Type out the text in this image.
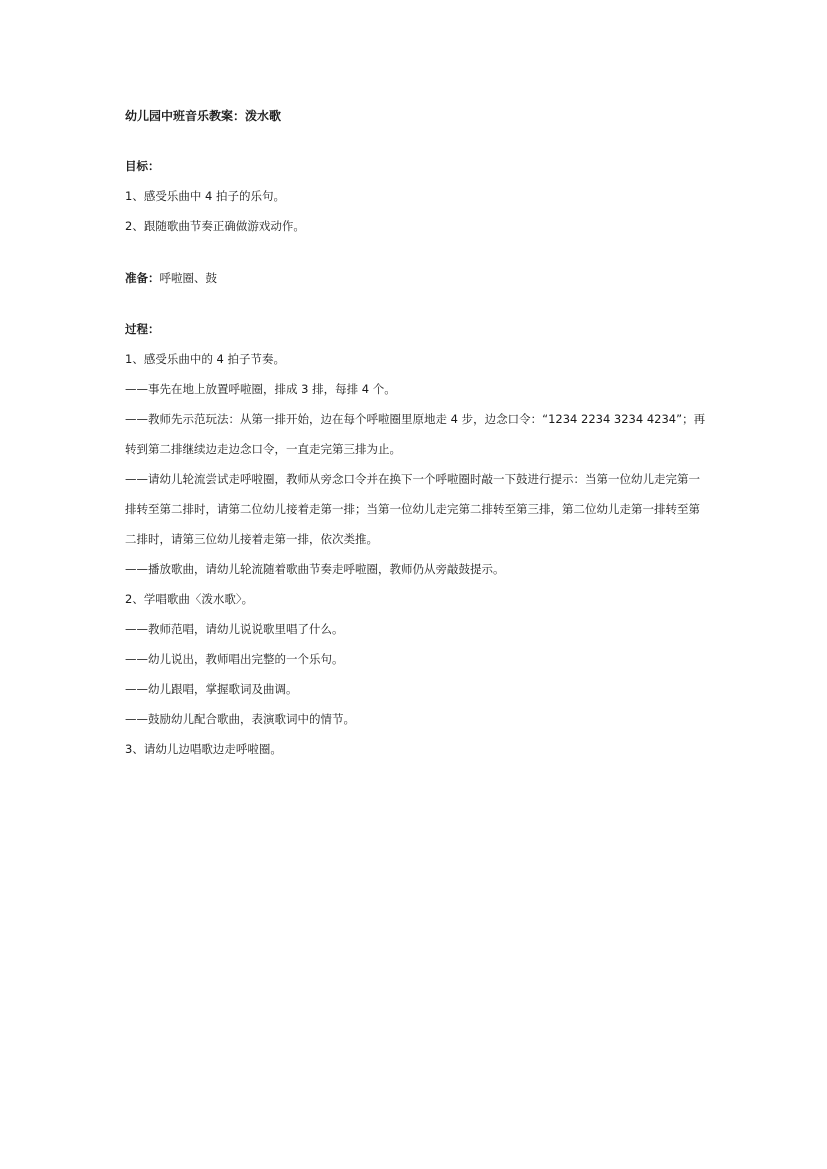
幼儿园中班音乐教案：泼水歌
目标：
1、感受乐曲中 4 拍子的乐句。
2、跟随歌曲节奏正确做游戏动作。
准备：呼啦圈、鼓
过程：
1、感受乐曲中的 4 拍子节奏。
——事先在地上放置呼啦圈，排成 3 排，每排 4 个。
——教师先示范玩法：从第一排开始，边在每个呼啦圈里原地走 4 步，边念口令：“1234 2234 3234 4234”；再转到第二排继续边走边念口令，一直走完第三排为止。
——请幼儿轮流尝试走呼啦圈，教师从旁念口令并在换下一个呼啦圈时敲一下鼓进行提示：当第一位幼儿走完第一排转至第二排时，请第二位幼儿接着走第一排；当第一位幼儿走完第二排转至第三排，第二位幼儿走第一排转至第二排时，请第三位幼儿接着走第一排，依次类推。
——播放歌曲，请幼儿轮流随着歌曲节奏走呼啦圈，教师仍从旁敲鼓提示。
2、学唱歌曲〈泼水歌〉。
——教师范唱，请幼儿说说歌里唱了什么。
——幼儿说出，教师唱出完整的一个乐句。
——幼儿跟唱，掌握歌词及曲调。
——鼓励幼儿配合歌曲，表演歌词中的情节。
3、请幼儿边唱歌边走呼啦圈。
